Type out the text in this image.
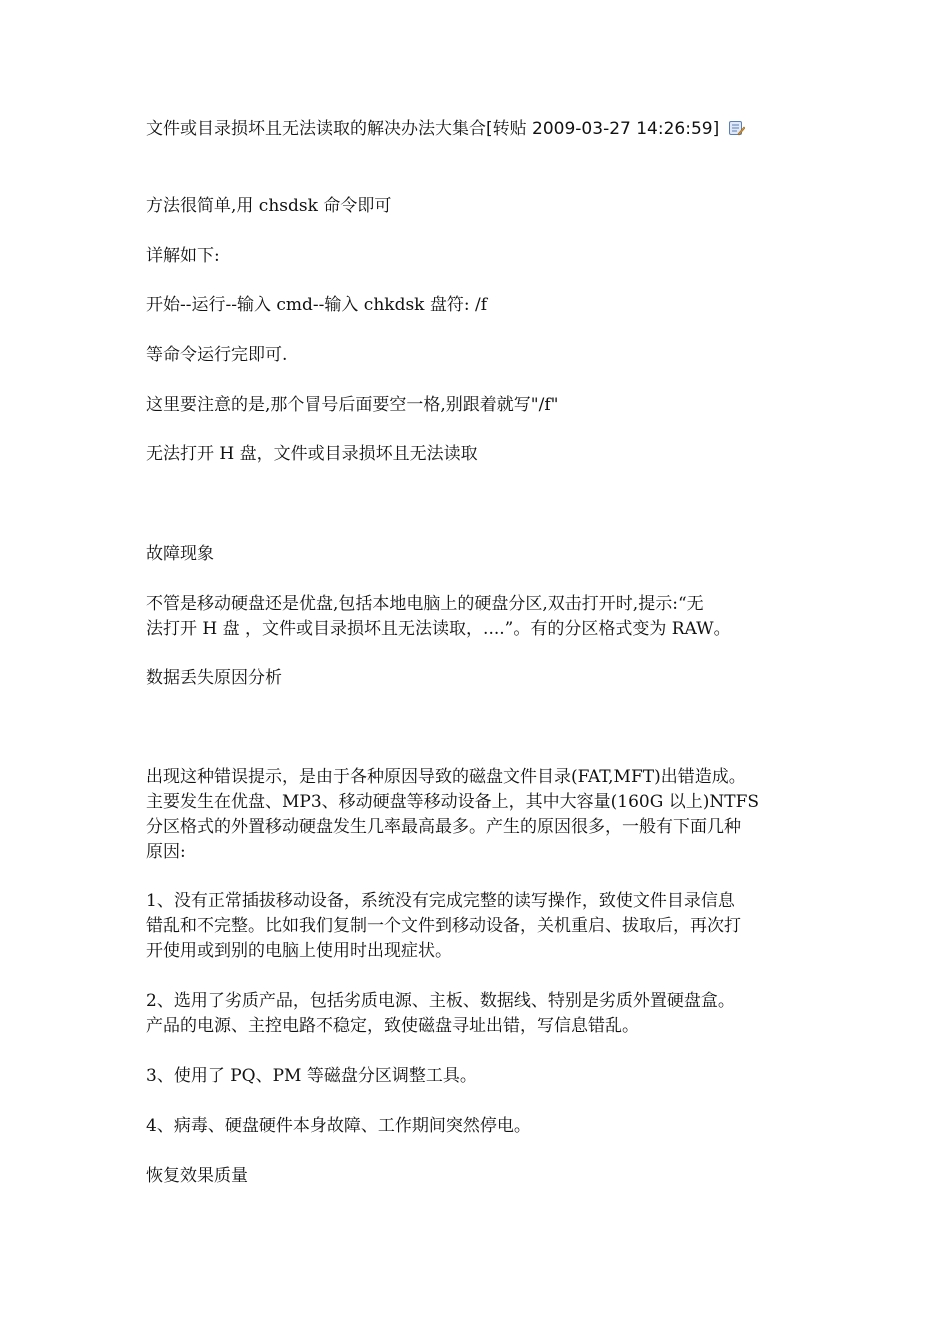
文件或目录损坏且无法读取的解决办法大集合[转贴 2009-03-27 14:26:59]

方法很简单,用 chsdsk 命令即可

详解如下:

开始--运行--输入 cmd--输入 chkdsk 盘符: /f

等命令运行完即可.

这里要注意的是,那个冒号后面要空一格,别跟着就写"/f"

无法打开 H 盘，文件或目录损坏且无法读取

故障现象

不管是移动硬盘还是优盘,包括本地电脑上的硬盘分区,双击打开时,提示:“无
法打开 H 盘 ，文件或目录损坏且无法读取，....”。有的分区格式变为 RAW。

数据丢失原因分析

出现这种错误提示，是由于各种原因导致的磁盘文件目录(FAT,MFT)出错造成。
主要发生在优盘、MP3、移动硬盘等移动设备上，其中大容量(160G 以上)NTFS
分区格式的外置移动硬盘发生几率最高最多。产生的原因很多，一般有下面几种
原因:

1、没有正常插拔移动设备，系统没有完成完整的读写操作，致使文件目录信息
错乱和不完整。比如我们复制一个文件到移动设备，关机重启、拔取后，再次打
开使用或到别的电脑上使用时出现症状。

2、选用了劣质产品，包括劣质电源、主板、数据线、特别是劣质外置硬盘盒。
产品的电源、主控电路不稳定，致使磁盘寻址出错，写信息错乱。

3、使用了 PQ、PM 等磁盘分区调整工具。

4、病毒、硬盘硬件本身故障、工作期间突然停电。

恢复效果质量
